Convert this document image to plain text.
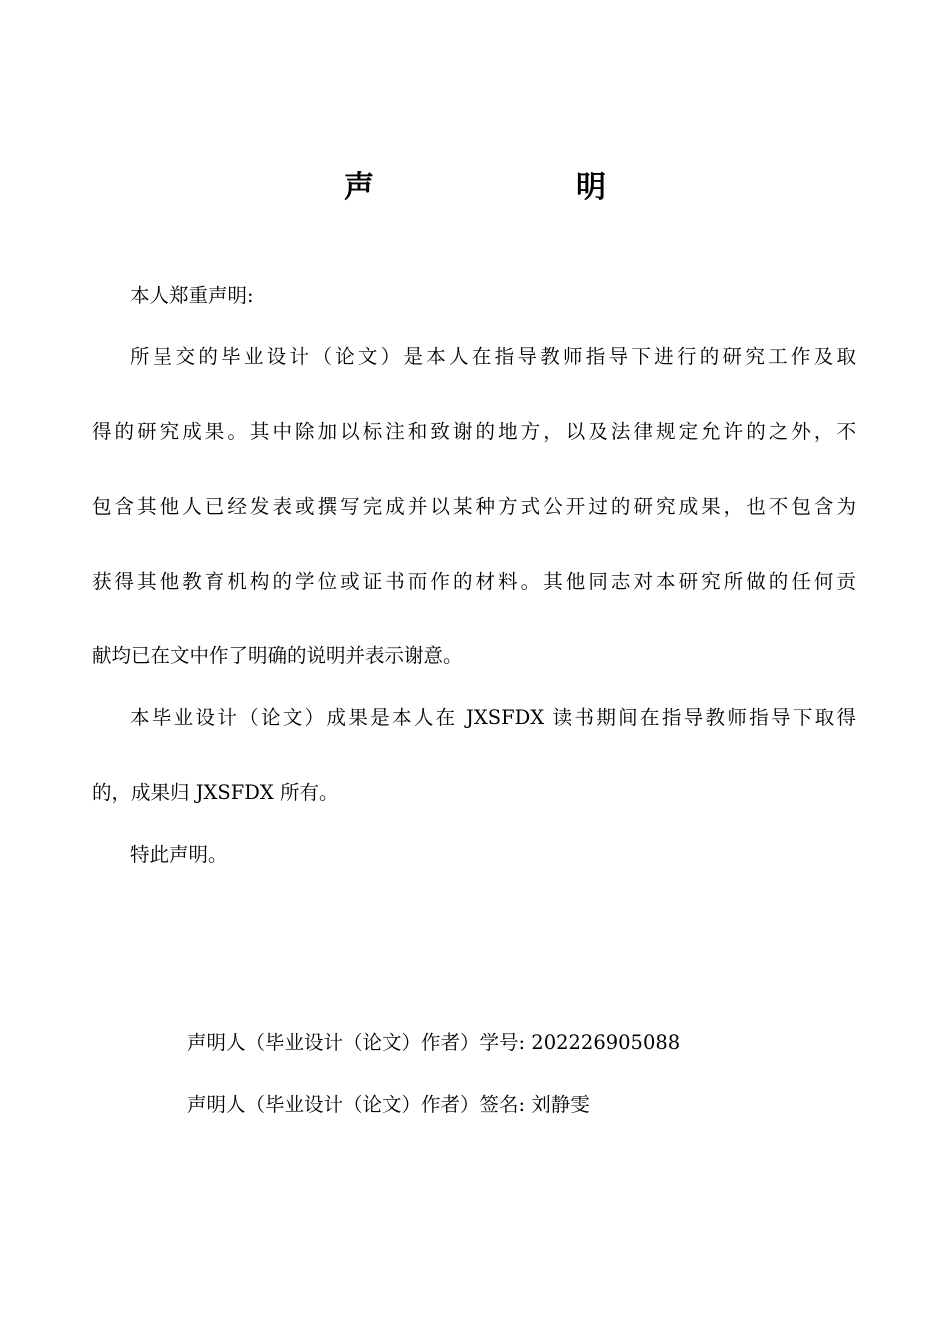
声　明

本人郑重声明:

所呈交的毕业设计（论文）是本人在指导教师指导下进行的研究工作及取

得的研究成果。其中除加以标注和致谢的地方，以及法律规定允许的之外，不

包含其他人已经发表或撰写完成并以某种方式公开过的研究成果，也不包含为

获得其他教育机构的学位或证书而作的材料。其他同志对本研究所做的任何贡

献均已在文中作了明确的说明并表示谢意。

本毕业设计（论文）成果是本人在 JXSFDX 读书期间在指导教师指导下取得

的，成果归 JXSFDX 所有。

特此声明。

声明人（毕业设计（论文）作者）学号: 202226905088

声明人（毕业设计（论文）作者）签名: 刘静雯
